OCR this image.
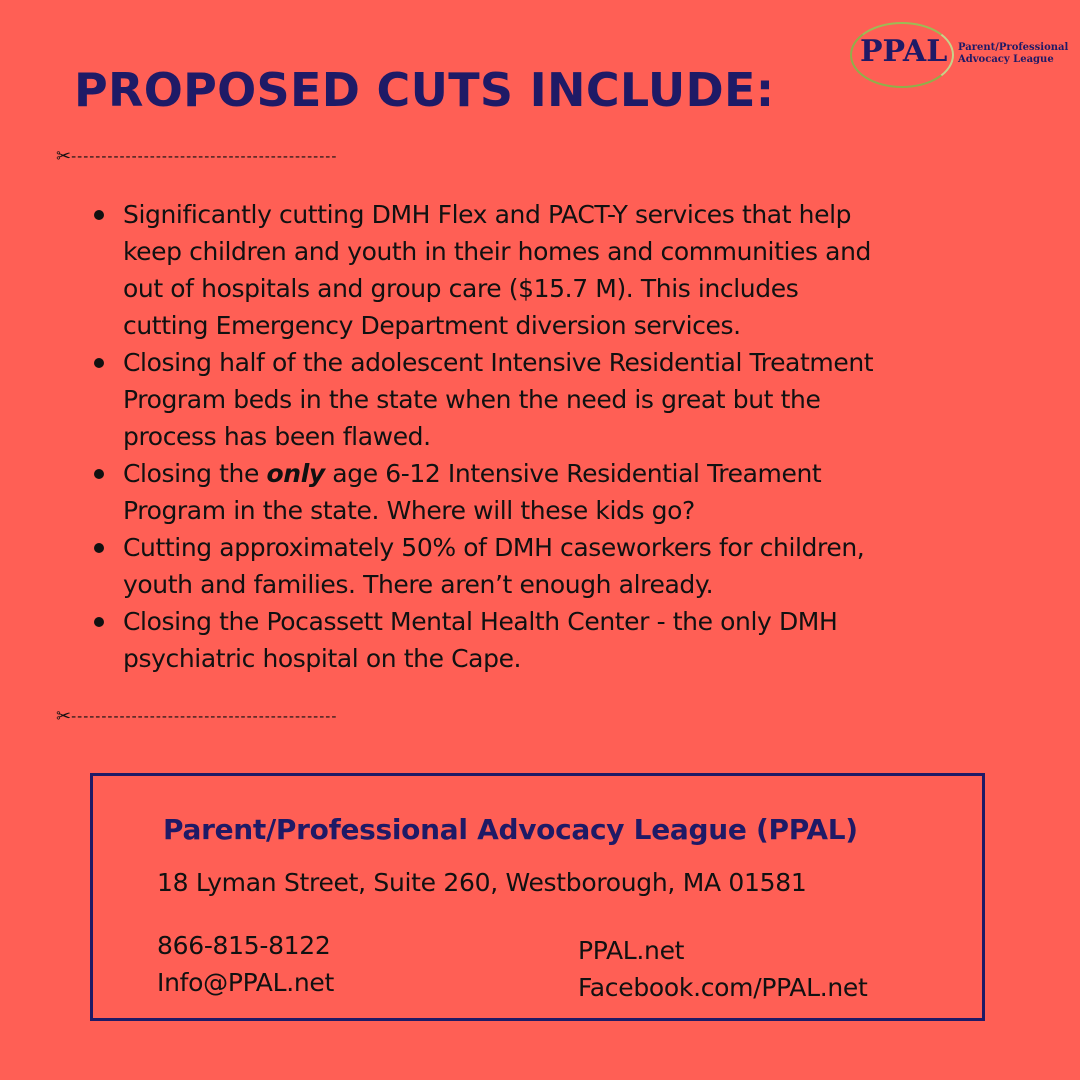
PPAL Parent/Professional
Advocacy League
PROPOSED CUTS INCLUDE:
✂--------------------------------------------
Significantly cutting DMH Flex and PACT-Y services that help
keep children and youth in their homes and communities and
out of hospitals and group care ($15.7 M). This includes
cutting Emergency Department diversion services.
Closing half of the adolescent Intensive Residential Treatment
Program beds in the state when the need is great but the
process has been flawed.
Closing the only age 6-12 Intensive Residential Treament
Program in the state. Where will these kids go?
Cutting approximately 50% of DMH caseworkers for children,
youth and families. There aren’t enough already.
Closing the Pocassett Mental Health Center - the only DMH
psychiatric hospital on the Cape.
✂--------------------------------------------
Parent/Professional Advocacy League (PPAL)
18 Lyman Street, Suite 260, Westborough, MA 01581
866-815-8122
Info@PPAL.net
PPAL.net
Facebook.com/PPAL.net
